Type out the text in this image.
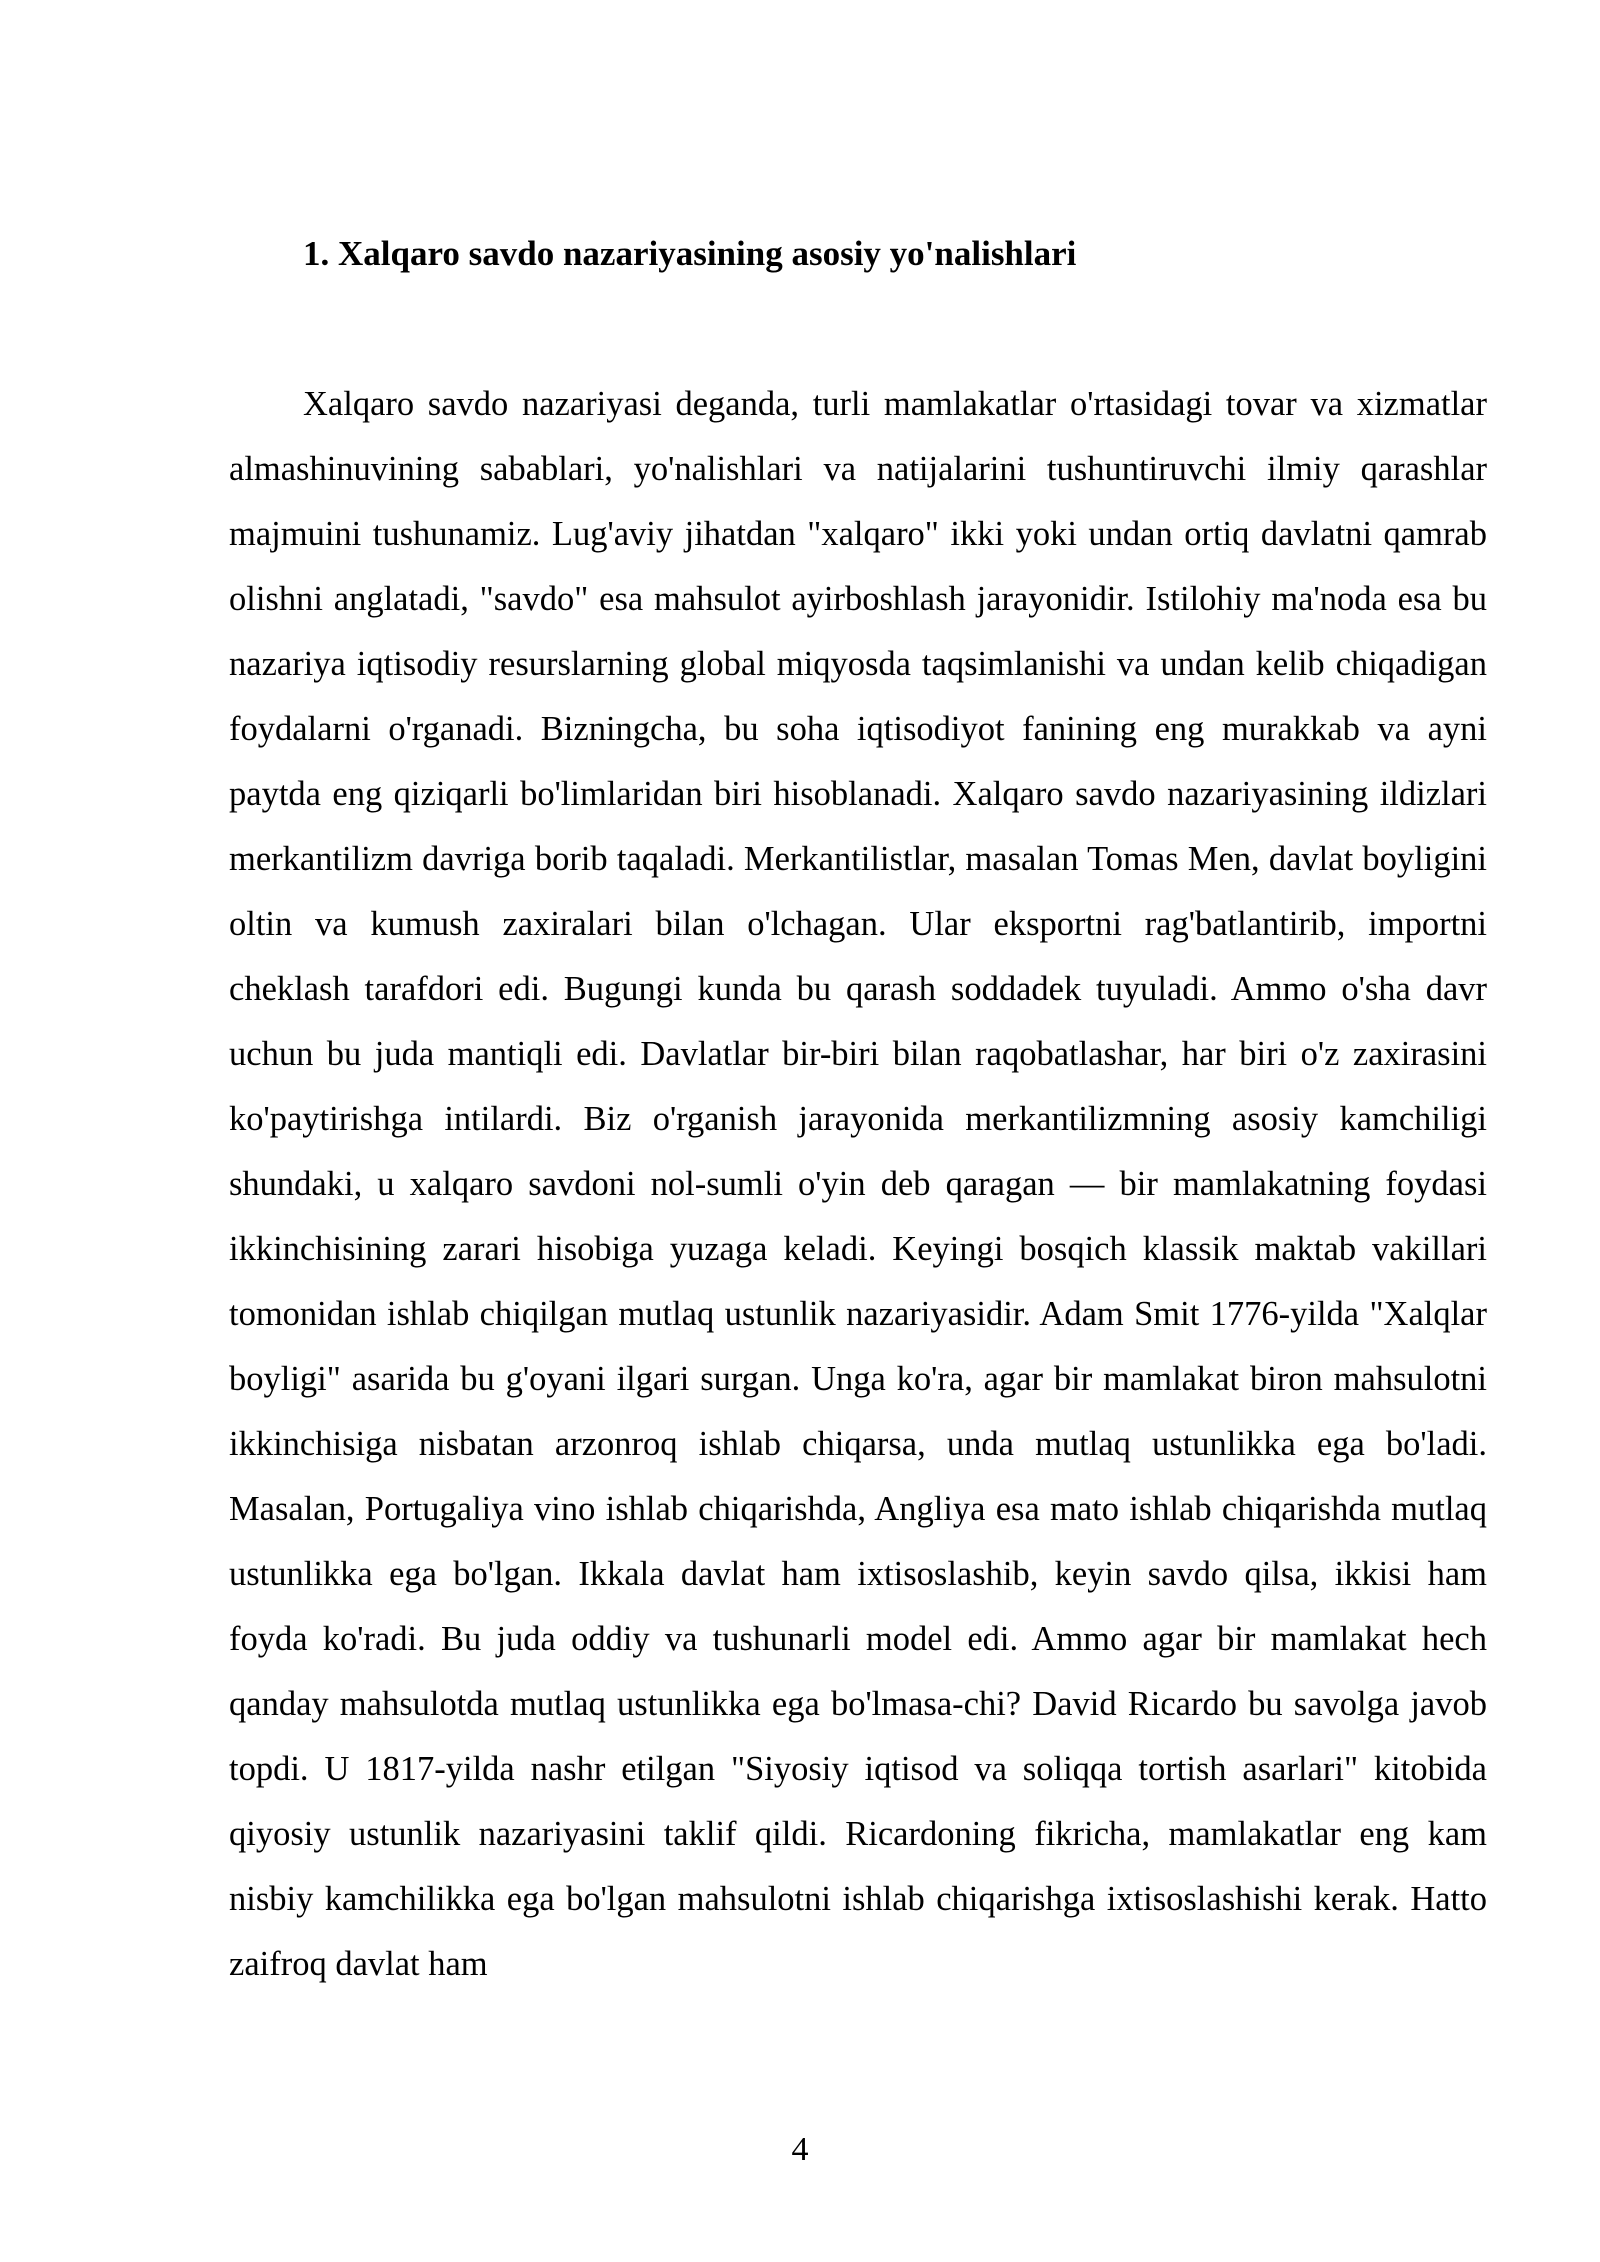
1. Xalqaro savdo nazariyasining asosiy yo'nalishlari

Xalqaro savdo nazariyasi deganda, turli mamlakatlar o'rtasidagi tovar va xizmatlar almashinuvining sabablari, yo'nalishlari va natijalarini tushuntiruvchi ilmiy qarashlar majmuini tushunamiz. Lug'aviy jihatdan "xalqaro" ikki yoki undan ortiq davlatni qamrab olishni anglatadi, "savdo" esa mahsulot ayirboshlash jarayonidir. Istilohiy ma'noda esa bu nazariya iqtisodiy resurslarning global miqyosda taqsimlanishi va undan kelib chiqadigan foydalarni o'rganadi. Bizningcha, bu soha iqtisodiyot fanining eng murakkab va ayni paytda eng qiziqarli bo'limlaridan biri hisoblanadi. Xalqaro savdo nazariyasining ildizlari merkantilizm davriga borib taqaladi. Merkantilistlar, masalan Tomas Men, davlat boyligini oltin va kumush zaxiralari bilan o'lchagan. Ular eksportni rag'batlantirib, importni cheklash tarafdori edi. Bugungi kunda bu qarash soddadek tuyuladi. Ammo o'sha davr uchun bu juda mantiqli edi. Davlatlar bir-biri bilan raqobatlashar, har biri o'z zaxirasini ko'paytirishga intilardi. Biz o'rganish jarayonida merkantilizmning asosiy kamchiligi shundaki, u xalqaro savdoni nol-sumli o'yin deb qaragan — bir mamlakatning foydasi ikkinchisining zarari hisobiga yuzaga keladi. Keyingi bosqich klassik maktab vakillari tomonidan ishlab chiqilgan mutlaq ustunlik nazariyasidir. Adam Smit 1776-yilda "Xalqlar boyligi" asarida bu g'oyani ilgari surgan. Unga ko'ra, agar bir mamlakat biron mahsulotni ikkinchisiga nisbatan arzonroq ishlab chiqarsa, unda mutlaq ustunlikka ega bo'ladi. Masalan, Portugaliya vino ishlab chiqarishda, Angliya esa mato ishlab chiqarishda mutlaq ustunlikka ega bo'lgan. Ikkala davlat ham ixtisoslashib, keyin savdo qilsa, ikkisi ham foyda ko'radi. Bu juda oddiy va tushunarli model edi. Ammo agar bir mamlakat hech qanday mahsulotda mutlaq ustunlikka ega bo'lmasa-chi? David Ricardo bu savolga javob topdi. U 1817-yilda nashr etilgan "Siyosiy iqtisod va soliqqa tortish asarlari" kitobida qiyosiy ustunlik nazariyasini taklif qildi. Ricardoning fikricha, mamlakatlar eng kam nisbiy kamchilikka ega bo'lgan mahsulotni ishlab chiqarishga ixtisoslashishi kerak. Hatto zaifroq davlat ham

4
